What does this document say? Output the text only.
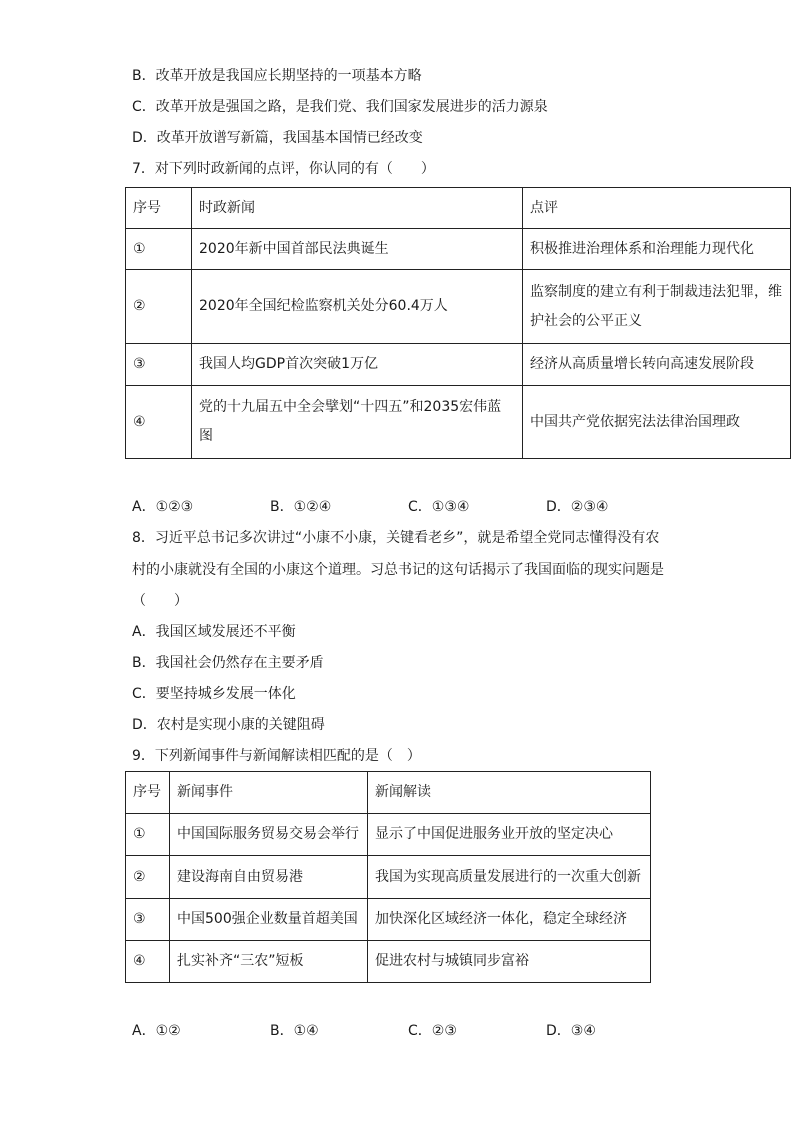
B．改革开放是我国应长期坚持的一项基本方略
C．改革开放是强国之路，是我们党、我们国家发展进步的活力源泉
D．改革开放谱写新篇，我国基本国情已经改变
7．对下列时政新闻的点评，你认同的有（　　）
序号	时政新闻	点评
①	2020年新中国首部民法典诞生	积极推进治理体系和治理能力现代化
②	2020年全国纪检监察机关处分60.4万人	监察制度的建立有利于制裁违法犯罪，维护社会的公平正义
③	我国人均GDP首次突破1万亿	经济从高质量增长转向高速发展阶段
④	党的十九届五中全会擘划“十四五”和2035宏伟蓝图	中国共产党依据宪法法律治国理政
A．①②③	B．①②④	C．①③④	D．②③④
8．习近平总书记多次讲过“小康不小康，关键看老乡”，就是希望全党同志懂得没有农
村的小康就没有全国的小康这个道理。习总书记的这句话揭示了我国面临的现实问题是
（　　）
A．我国区域发展还不平衡
B．我国社会仍然存在主要矛盾
C．要坚持城乡发展一体化
D．农村是实现小康的关键阻碍
9．下列新闻事件与新闻解读相匹配的是（　）
序号	新闻事件	新闻解读
①	中国国际服务贸易交易会举行	显示了中国促进服务业开放的坚定决心
②	建设海南自由贸易港	我国为实现高质量发展进行的一次重大创新
③	中国500强企业数量首超美国	加快深化区域经济一体化，稳定全球经济
④	扎实补齐“三农”短板	促进农村与城镇同步富裕
A．①②	B．①④	C．②③	D．③④
